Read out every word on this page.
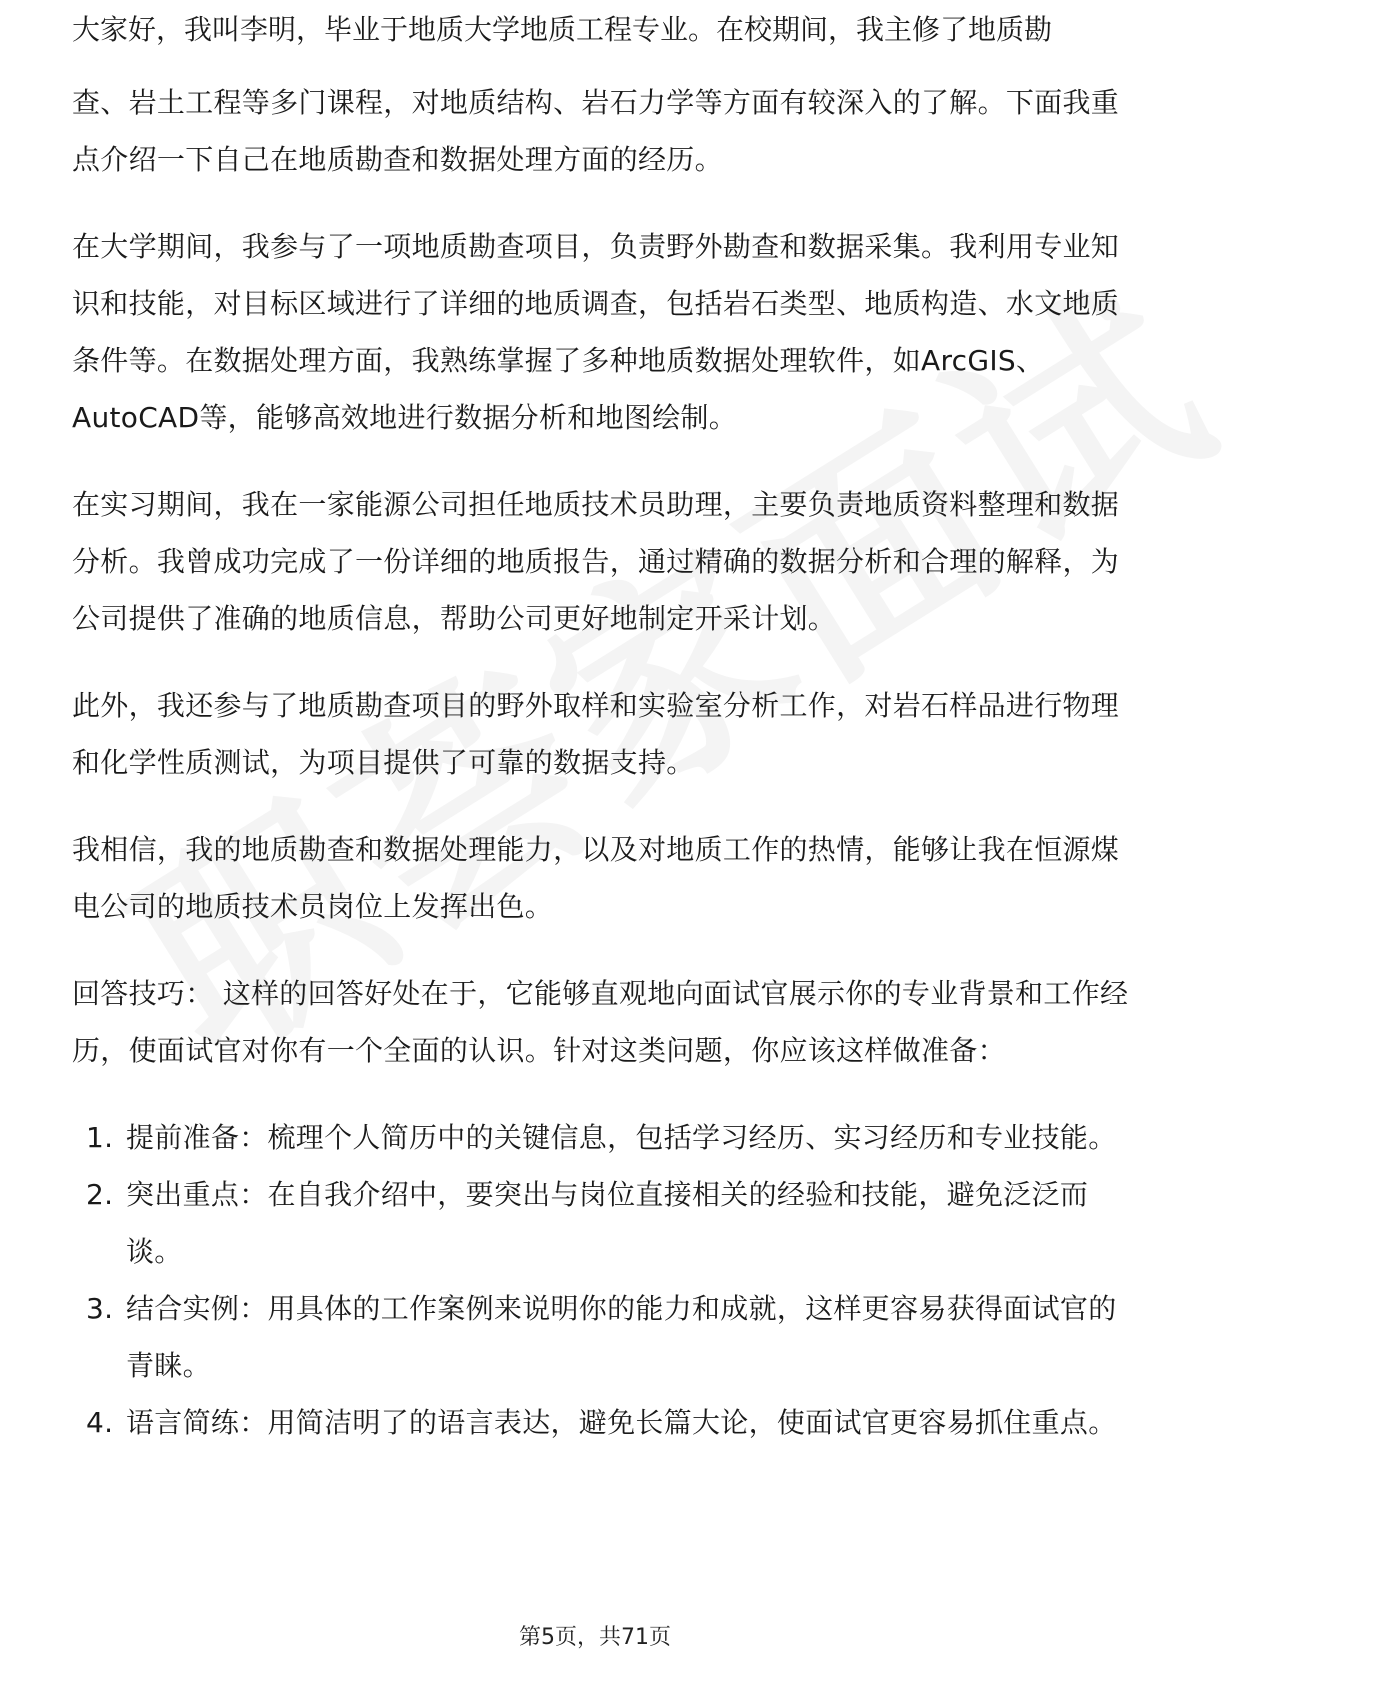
大家好，我叫李明，毕业于地质大学地质工程专业。在校期间，我主修了地质勘

查、岩土工程等多门课程，对地质结构、岩石力学等方面有较深入的了解。下面我重点介绍一下自己在地质勘查和数据处理方面的经历。

在大学期间，我参与了一项地质勘查项目，负责野外勘查和数据采集。我利用专业知识和技能，对目标区域进行了详细的地质调查，包括岩石类型、地质构造、水文地质条件等。在数据处理方面，我熟练掌握了多种地质数据处理软件，如ArcGIS、AutoCAD等，能够高效地进行数据分析和地图绘制。

在实习期间，我在一家能源公司担任地质技术员助理，主要负责地质资料整理和数据分析。我曾成功完成了一份详细的地质报告，通过精确的数据分析和合理的解释，为公司提供了准确的地质信息，帮助公司更好地制定开采计划。

此外，我还参与了地质勘查项目的野外取样和实验室分析工作，对岩石样品进行物理和化学性质测试，为项目提供了可靠的数据支持。

我相信，我的地质勘查和数据处理能力，以及对地质工作的热情，能够让我在恒源煤电公司的地质技术员岗位上发挥出色。

回答技巧： 这样的回答好处在于，它能够直观地向面试官展示你的专业背景和工作经历，使面试官对你有一个全面的认识。针对这类问题，你应该这样做准备：

1. 提前准备：梳理个人简历中的关键信息，包括学习经历、实习经历和专业技能。
2. 突出重点：在自我介绍中，要突出与岗位直接相关的经验和技能，避免泛泛而谈。
3. 结合实例：用具体的工作案例来说明你的能力和成就，这样更容易获得面试官的青睐。
4. 语言简练：用简洁明了的语言表达，避免长篇大论，使面试官更容易抓住重点。
第5页，共71页
